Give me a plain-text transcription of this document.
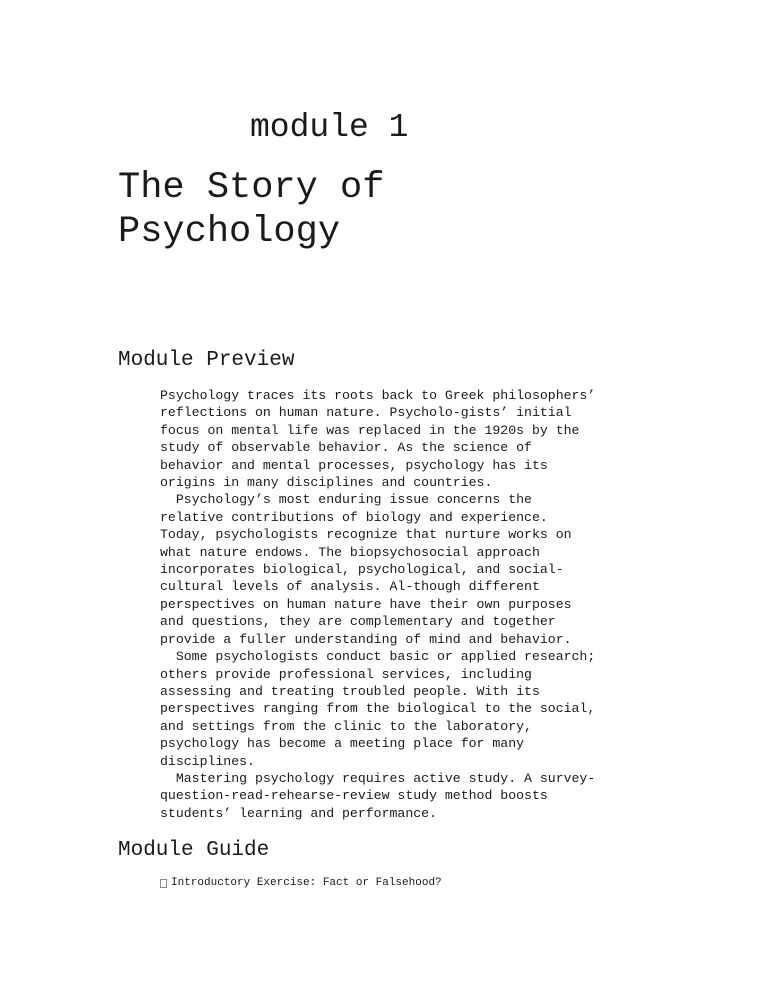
module 1
The Story of
Psychology
Module Preview

Psychology traces its roots back to Greek philosophers’

reflections on human nature. Psycholo-gists’ initial

focus on mental life was replaced in the 1920s by the

study of observable behavior. As the science of

behavior and mental processes, psychology has its

origins in many disciplines and countries.

Psychology’s most enduring issue concerns the

relative contributions of biology and experience.

Today, psychologists recognize that nurture works on

what nature endows. The biopsychosocial approach

incorporates biological, psychological, and social-

cultural levels of analysis. Al-though different

perspectives on human nature have their own purposes

and questions, they are complementary and together

provide a fuller understanding of mind and behavior.

Some psychologists conduct basic or applied research;

others provide professional services, including

assessing and treating troubled people. With its

perspectives ranging from the biological to the social,

and settings from the clinic to the laboratory,

psychology has become a meeting place for many

disciplines.

Mastering psychology requires active study. A survey-

question-read-rehearse-review study method boosts

students’ learning and performance.

Module Guide
Introductory Exercise: Fact or Falsehood?
